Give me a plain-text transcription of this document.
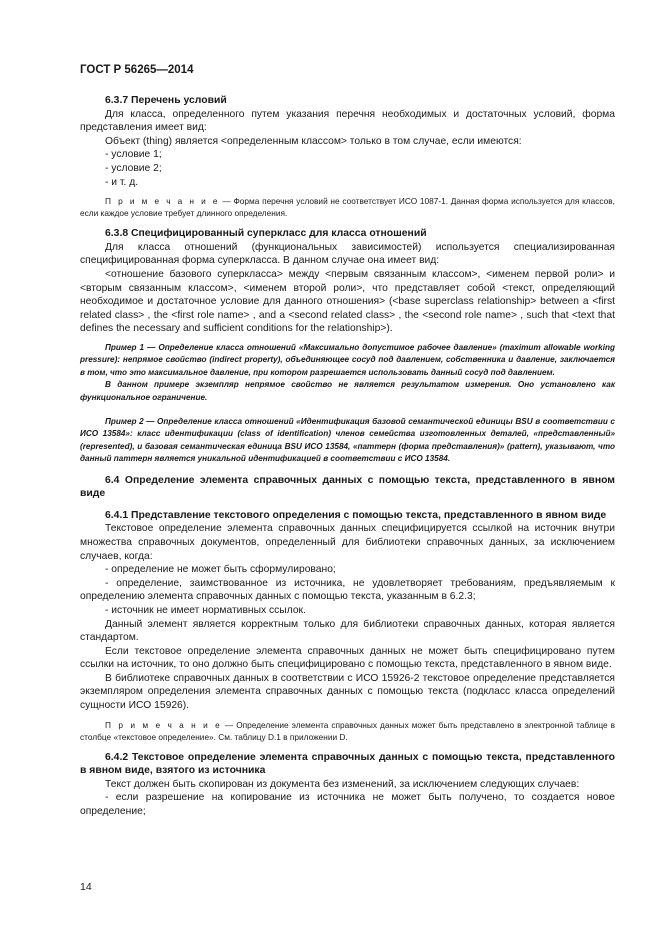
ГОСТ Р 56265—2014

6.3.7 Перечень условий

Для класса, определенного путем указания перечня необходимых и достаточных условий, форма представления имеет вид:

Объект (thing) является <определенным классом> только в том случае, если имеются:

- условие 1;

- условие 2;

- и т. д.

П р и м е ч а н и е — Форма перечня условий не соответствует ИСО 1087-1. Данная форма используется для классов, если каждое условие требует длинного определения.

6.3.8 Специфицированный суперкласс для класса отношений

Для класса отношений (функциональных зависимостей) используется специализированная специфицированная форма суперкласса. В данном случае она имеет вид:

<отношение базового суперкласса> между <первым связанным классом>, <именем первой роли> и <вторым связанным классом>, <именем второй роли>, что представляет собой <текст, определяющий необходимое и достаточное условие для данного отношения> (<base superclass relationship> between a <first related class> , the <first role name> , and a <second related class> , the <second role name> , such that <text that defines the necessary and sufficient conditions for the relationship>).

Пример 1 — Определение класса отношений «Максимально допустимое рабочее давление» (maximum allowable working pressure): непрямое свойство (indirect property), объединяющее сосуд под давлением, собственника и давление, заключается в том, что это максимальное давление, при котором разрешается использовать данный сосуд под давлением.

В данном примере экземпляр непрямое свойство не является результатом измерения. Оно установлено как функциональное ограничение.

Пример 2 — Определение класса отношений «Идентификация базовой семантической единицы BSU в соответствии с ИСО 13584»: класс идентификации (class of identification) членов семейства изготовленных деталей, «представленный» (represented), и базовая семантическая единица BSU ИСО 13584, «паттерн (форма представления)» (pattern), указывают, что данный паттерн является уникальной идентификацией в соответствии с ИСО 13584.

6.4 Определение элемента справочных данных с помощью текста, представленного в явном виде

6.4.1 Представление текстового определения с помощью текста, представленного в явном виде

Текстовое определение элемента справочных данных специфицируется ссылкой на источник внутри множества справочных документов, определенный для библиотеки справочных данных, за исключением случаев, когда:

- определение не может быть сформулировано;

- определение, заимствованное из источника, не удовлетворяет требованиям, предъявляемым к определению элемента справочных данных с помощью текста, указанным в 6.2.3;

- источник не имеет нормативных ссылок.

Данный элемент является корректным только для библиотеки справочных данных, которая является стандартом.

Если текстовое определение элемента справочных данных не может быть специфицировано путем ссылки на источник, то оно должно быть специфицировано с помощью текста, представленного в явном виде.

В библиотеке справочных данных в соответствии с ИСО 15926-2 текстовое определение представляется экземпляром определения элемента справочных данных с помощью текста (подкласс класса определений сущности ИСО 15926).

П р и м е ч а н и е — Определение элемента справочных данных может быть представлено в электронной таблице в столбце «текстовое определение». См. таблицу D.1 в приложении D.

6.4.2 Текстовое определение элемента справочных данных с помощью текста, представленного в явном виде, взятого из источника

Текст должен быть скопирован из документа без изменений, за исключением следующих случаев:

- если разрешение на копирование из источника не может быть получено, то создается новое определение;

14
